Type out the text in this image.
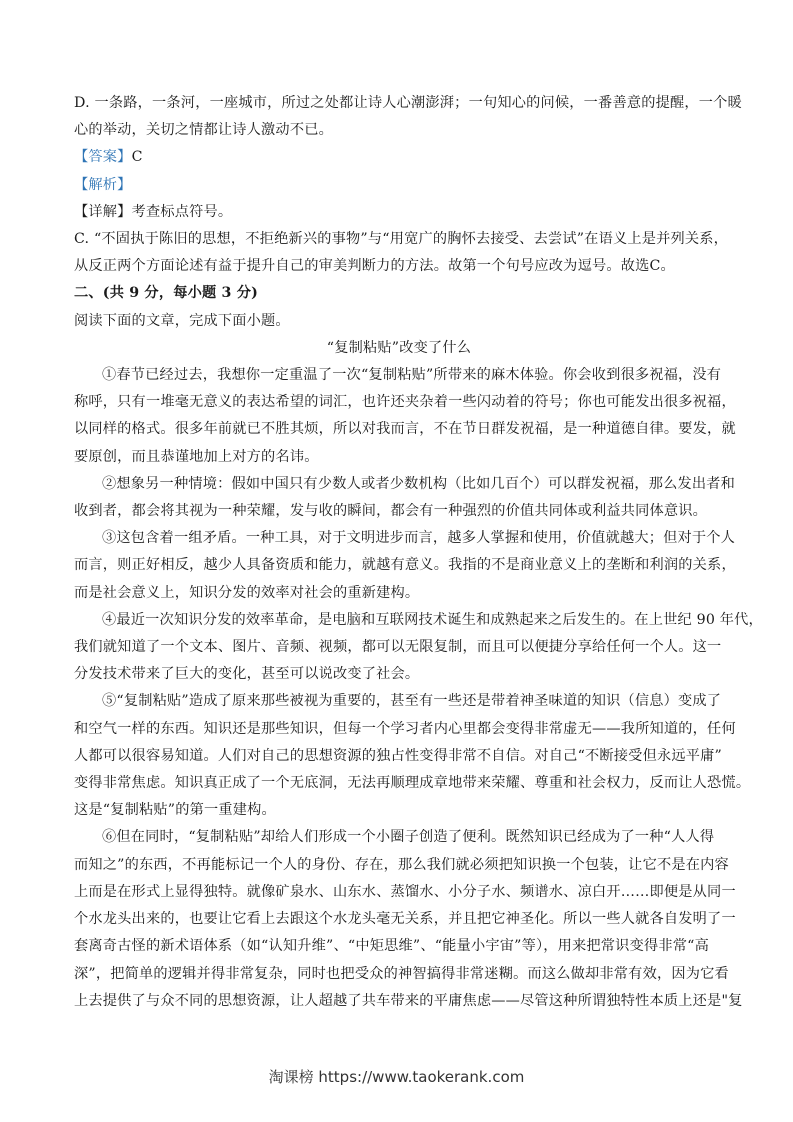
D. 一条路，一条河，一座城市，所过之处都让诗人心潮澎湃；一句知心的问候，一番善意的提醒，一个暖
心的举动，关切之情都让诗人激动不已。
【答案】C
【解析】
【详解】考查标点符号。
C. “不固执于陈旧的思想，不拒绝新兴的事物”与“用宽广的胸怀去接受、去尝试”在语义上是并列关系，
从反正两个方面论述有益于提升自己的审美判断力的方法。故第一个句号应改为逗号。故选C。
二、(共 9 分，每小题 3 分)
阅读下面的文章，完成下面小题。
“复制粘贴”改变了什么
①春节已经过去，我想你一定重温了一次“复制粘贴”所带来的麻木体验。你会收到很多祝福，没有
称呼，只有一堆毫无意义的表达希望的词汇，也许还夹杂着一些闪动着的符号；你也可能发出很多祝福，
以同样的格式。很多年前就已不胜其烦，所以对我而言，不在节日群发祝福，是一种道德自律。要发，就
要原创，而且恭谨地加上对方的名讳。
②想象另一种情境：假如中国只有少数人或者少数机构（比如几百个）可以群发祝福，那么发出者和
收到者，都会将其视为一种荣耀，发与收的瞬间，都会有一种强烈的价值共同体或利益共同体意识。
③这包含着一组矛盾。一种工具，对于文明进步而言，越多人掌握和使用，价值就越大；但对于个人
而言，则正好相反，越少人具备资质和能力，就越有意义。我指的不是商业意义上的垄断和利润的关系，
而是社会意义上，知识分发的效率对社会的重新建构。
④最近一次知识分发的效率革命，是电脑和互联网技术诞生和成熟起来之后发生的。在上世纪 90 年代，
我们就知道了一个文本、图片、音频、视频，都可以无限复制，而且可以便捷分享给任何一个人。这一
分发技术带来了巨大的变化，甚至可以说改变了社会。
⑤“复制粘贴”造成了原来那些被视为重要的，甚至有一些还是带着神圣味道的知识（信息）变成了
和空气一样的东西。知识还是那些知识，但每一个学习者内心里都会变得非常虚无——我所知道的，任何
人都可以很容易知道。人们对自己的思想资源的独占性变得非常不自信。对自己“不断接受但永远平庸”
变得非常焦虑。知识真正成了一个无底洞，无法再顺理成章地带来荣耀、尊重和社会权力，反而让人恐慌。
这是“复制粘贴”的第一重建构。
⑥但在同时，“复制粘贴”却给人们形成一个小圈子创造了便利。既然知识已经成为了一种“人人得
而知之”的东西，不再能标记一个人的身份、存在，那么我们就必须把知识换一个包装，让它不是在内容
上而是在形式上显得独特。就像矿泉水、山东水、蒸馏水、小分子水、频谱水、凉白开……即便是从同一
个水龙头出来的，也要让它看上去跟这个水龙头毫无关系，并且把它神圣化。所以一些人就各自发明了一
套离奇古怪的新术语体系（如“认知升维”、“中矩思维”、“能量小宇宙”等），用来把常识变得非常“高
深”，把简单的逻辑并得非常复杂，同时也把受众的神智搞得非常迷糊。而这么做却非常有效，因为它看
上去提供了与众不同的思想资源，让人超越了共车带来的平庸焦虑——尽管这种所谓独特性本质上还是"复
淘课榜 https://www.taokerank.com
